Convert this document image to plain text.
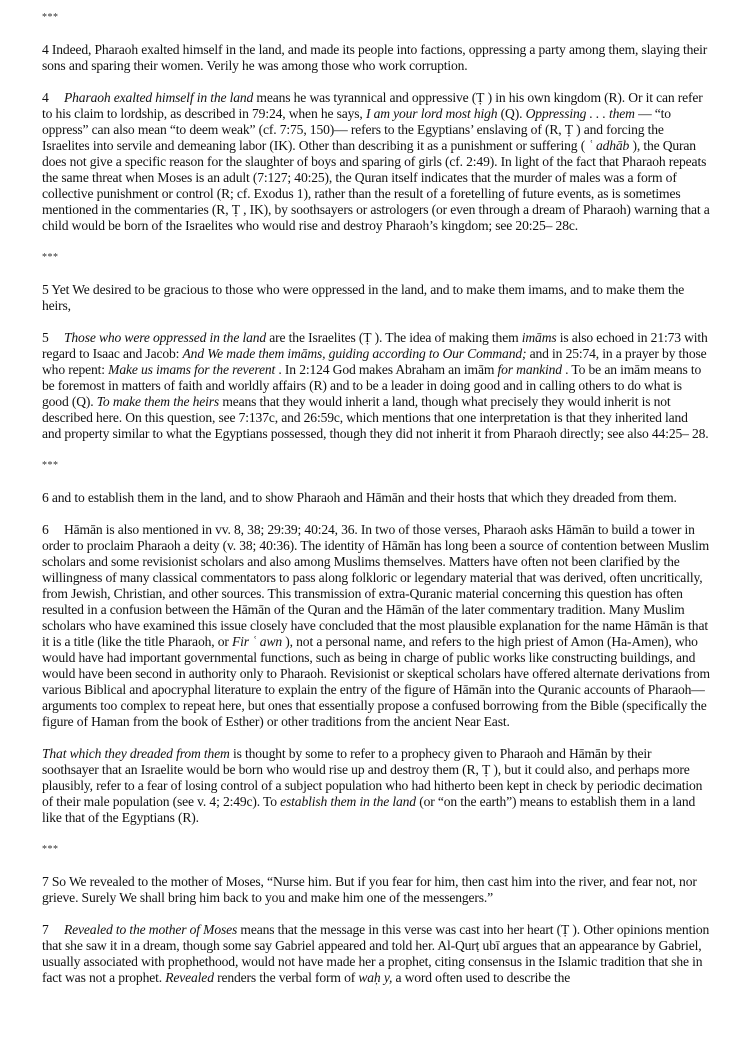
***

4 Indeed, Pharaoh exalted himself in the land, and made its people into factions, oppressing a party among them, slaying their sons and sparing their women. Verily he was among those who work corruption.

4 Pharaoh exalted himself in the land means he was tyrannical and oppressive (Ṭ ) in his own kingdom (R). Or it can refer to his claim to lordship, as described in 79:24, when he says, I am your lord most high (Q). Oppressing . . . them — “to oppress” can also mean “to deem weak” (cf. 7:75, 150)— refers to the Egyptians’ enslaving of (R, Ṭ ) and forcing the Israelites into servile and demeaning labor (IK). Other than describing it as a punishment or suffering ( ʿ adhāb ), the Quran does not give a specific reason for the slaughter of boys and sparing of girls (cf. 2:49). In light of the fact that Pharaoh repeats the same threat when Moses is an adult (7:127; 40:25), the Quran itself indicates that the murder of males was a form of collective punishment or control (R; cf. Exodus 1), rather than the result of a foretelling of future events, as is sometimes mentioned in the commentaries (R, Ṭ , IK), by soothsayers or astrologers (or even through a dream of Pharaoh) warning that a child would be born of the Israelites who would rise and destroy Pharaoh’s kingdom; see 20:25– 28c.

***

5 Yet We desired to be gracious to those who were oppressed in the land, and to make them imams, and to make them the heirs,

5 Those who were oppressed in the land are the Israelites (Ṭ ). The idea of making them imāms is also echoed in 21:73 with regard to Isaac and Jacob: And We made them imāms, guiding according to Our Command; and in 25:74, in a prayer by those who repent: Make us imams for the reverent . In 2:124 God makes Abraham an imām for mankind . To be an imām means to be foremost in matters of faith and worldly affairs (R) and to be a leader in doing good and in calling others to do what is good (Q). To make them the heirs means that they would inherit a land, though what precisely they would inherit is not described here. On this question, see 7:137c, and 26:59c, which mentions that one interpretation is that they inherited land and property similar to what the Egyptians possessed, though they did not inherit it from Pharaoh directly; see also 44:25– 28.

***

6 and to establish them in the land, and to show Pharaoh and Hāmān and their hosts that which they dreaded from them.

6 Hāmān is also mentioned in vv. 8, 38; 29:39; 40:24, 36. In two of those verses, Pharaoh asks Hāmān to build a tower in order to proclaim Pharaoh a deity (v. 38; 40:36). The identity of Hāmān has long been a source of contention between Muslim scholars and some revisionist scholars and also among Muslims themselves. Matters have often not been clarified by the willingness of many classical commentators to pass along folkloric or legendary material that was derived, often uncritically, from Jewish, Christian, and other sources. This transmission of extra-Quranic material concerning this question has often resulted in a confusion between the Hāmān of the Quran and the Hāmān of the later commentary tradition. Many Muslim scholars who have examined this issue closely have concluded that the most plausible explanation for the name Hāmān is that it is a title (like the title Pharaoh, or Fir ʿ awn ), not a personal name, and refers to the high priest of Amon (Ha-Amen), who would have had important governmental functions, such as being in charge of public works like constructing buildings, and would have been second in authority only to Pharaoh. Revisionist or skeptical scholars have offered alternate derivations from various Biblical and apocryphal literature to explain the entry of the figure of Hāmān into the Quranic accounts of Pharaoh— arguments too complex to repeat here, but ones that essentially propose a confused borrowing from the Bible (specifically the figure of Haman from the book of Esther) or other traditions from the ancient Near East.

That which they dreaded from them is thought by some to refer to a prophecy given to Pharaoh and Hāmān by their soothsayer that an Israelite would be born who would rise up and destroy them (R, Ṭ ), but it could also, and perhaps more plausibly, refer to a fear of losing control of a subject population who had hitherto been kept in check by periodic decimation of their male population (see v. 4; 2:49c). To establish them in the land (or “on the earth”) means to establish them in a land like that of the Egyptians (R).

***

7 So We revealed to the mother of Moses, “Nurse him. But if you fear for him, then cast him into the river, and fear not, nor grieve. Surely We shall bring him back to you and make him one of the messengers.”

7 Revealed to the mother of Moses means that the message in this verse was cast into her heart (Ṭ ). Other opinions mention that she saw it in a dream, though some say Gabriel appeared and told her. Al-Qurṭ ubī argues that an appearance by Gabriel, usually associated with prophethood, would not have made her a prophet, citing consensus in the Islamic tradition that she in fact was not a prophet. Revealed renders the verbal form of waḥ y, a word often used to describe the
